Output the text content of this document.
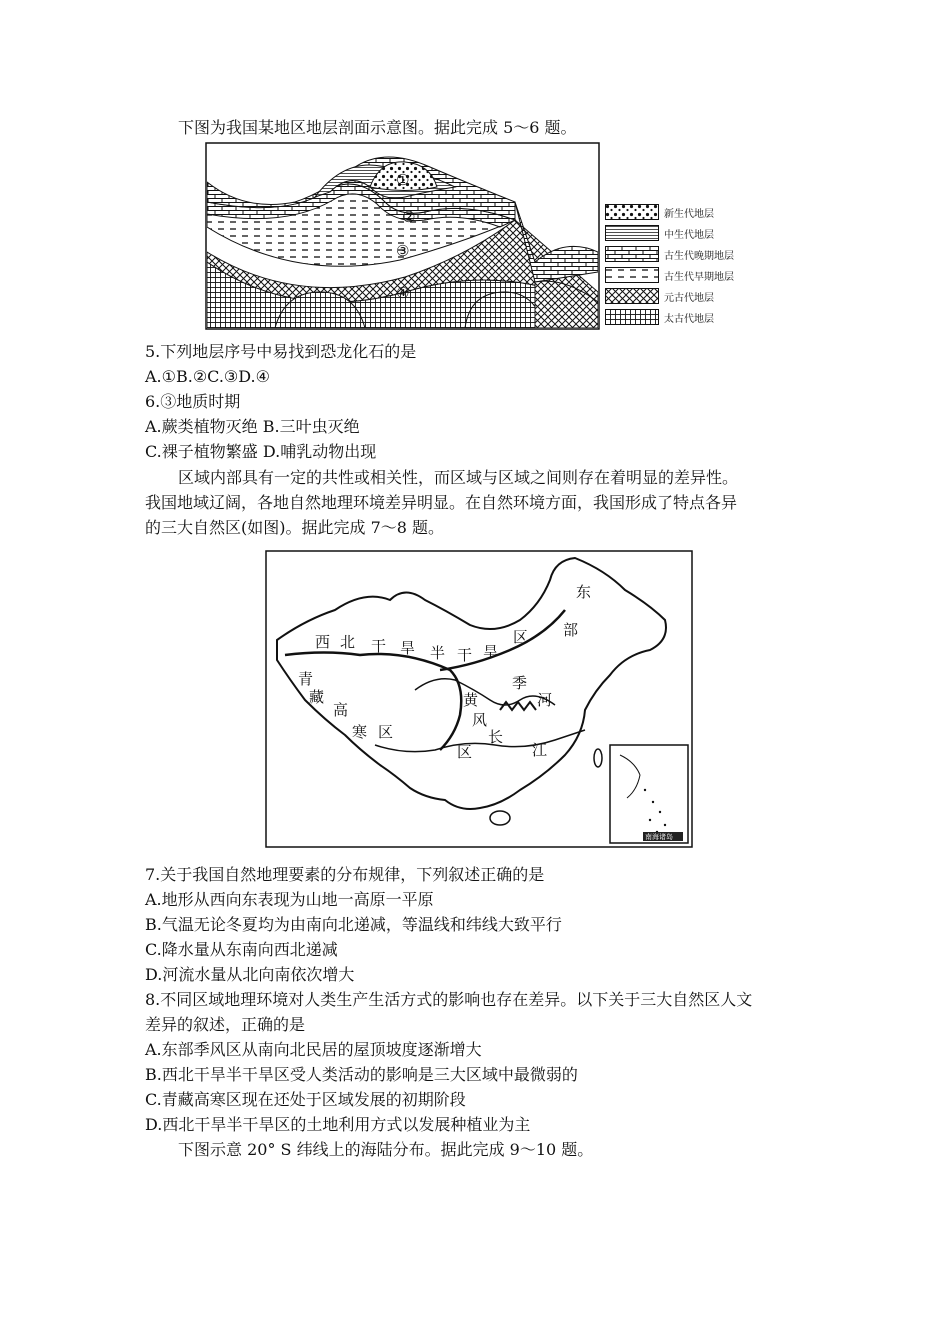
下图为我国某地区地层剖面示意图。据此完成 5～6 题。
①
②
③
④
新生代地层
中生代地层
古生代晚期地层
古生代早期地层
元古代地层
太古代地层
5.下列地层序号中易找到恐龙化石的是
A.①B.②C.③D.④
6.③地质时期
A.蕨类植物灭绝 B.三叶虫灭绝
C.裸子植物繁盛 D.哺乳动物出现
区域内部具有一定的共性或相关性，而区域与区域之间则存在着明显的差异性。
我国地域辽阔，各地自然地理环境差异明显。在自然环境方面，我国形成了特点各异
的三大自然区(如图)。据此完成 7～8 题。
南海诸岛
西 北 干 旱 半 干 旱
区
青
藏
高
寒 区
东
部
季
风
区
黄	河
长
江
7.关于我国自然地理要素的分布规律，下列叙述正确的是
A.地形从西向东表现为山地一高原一平原
B.气温无论冬夏均为由南向北递减，等温线和纬线大致平行
C.降水量从东南向西北递减
D.河流水量从北向南依次增大
8.不同区域地理环境对人类生产生活方式的影响也存在差异。以下关于三大自然区人文
差异的叙述，正确的是
A.东部季风区从南向北民居的屋顶坡度逐渐增大
B.西北干旱半干旱区受人类活动的影响是三大区域中最微弱的
C.青藏高寒区现在还处于区域发展的初期阶段
D.西北干旱半干旱区的土地利用方式以发展种植业为主
下图示意 20° S 纬线上的海陆分布。据此完成 9～10 题。
